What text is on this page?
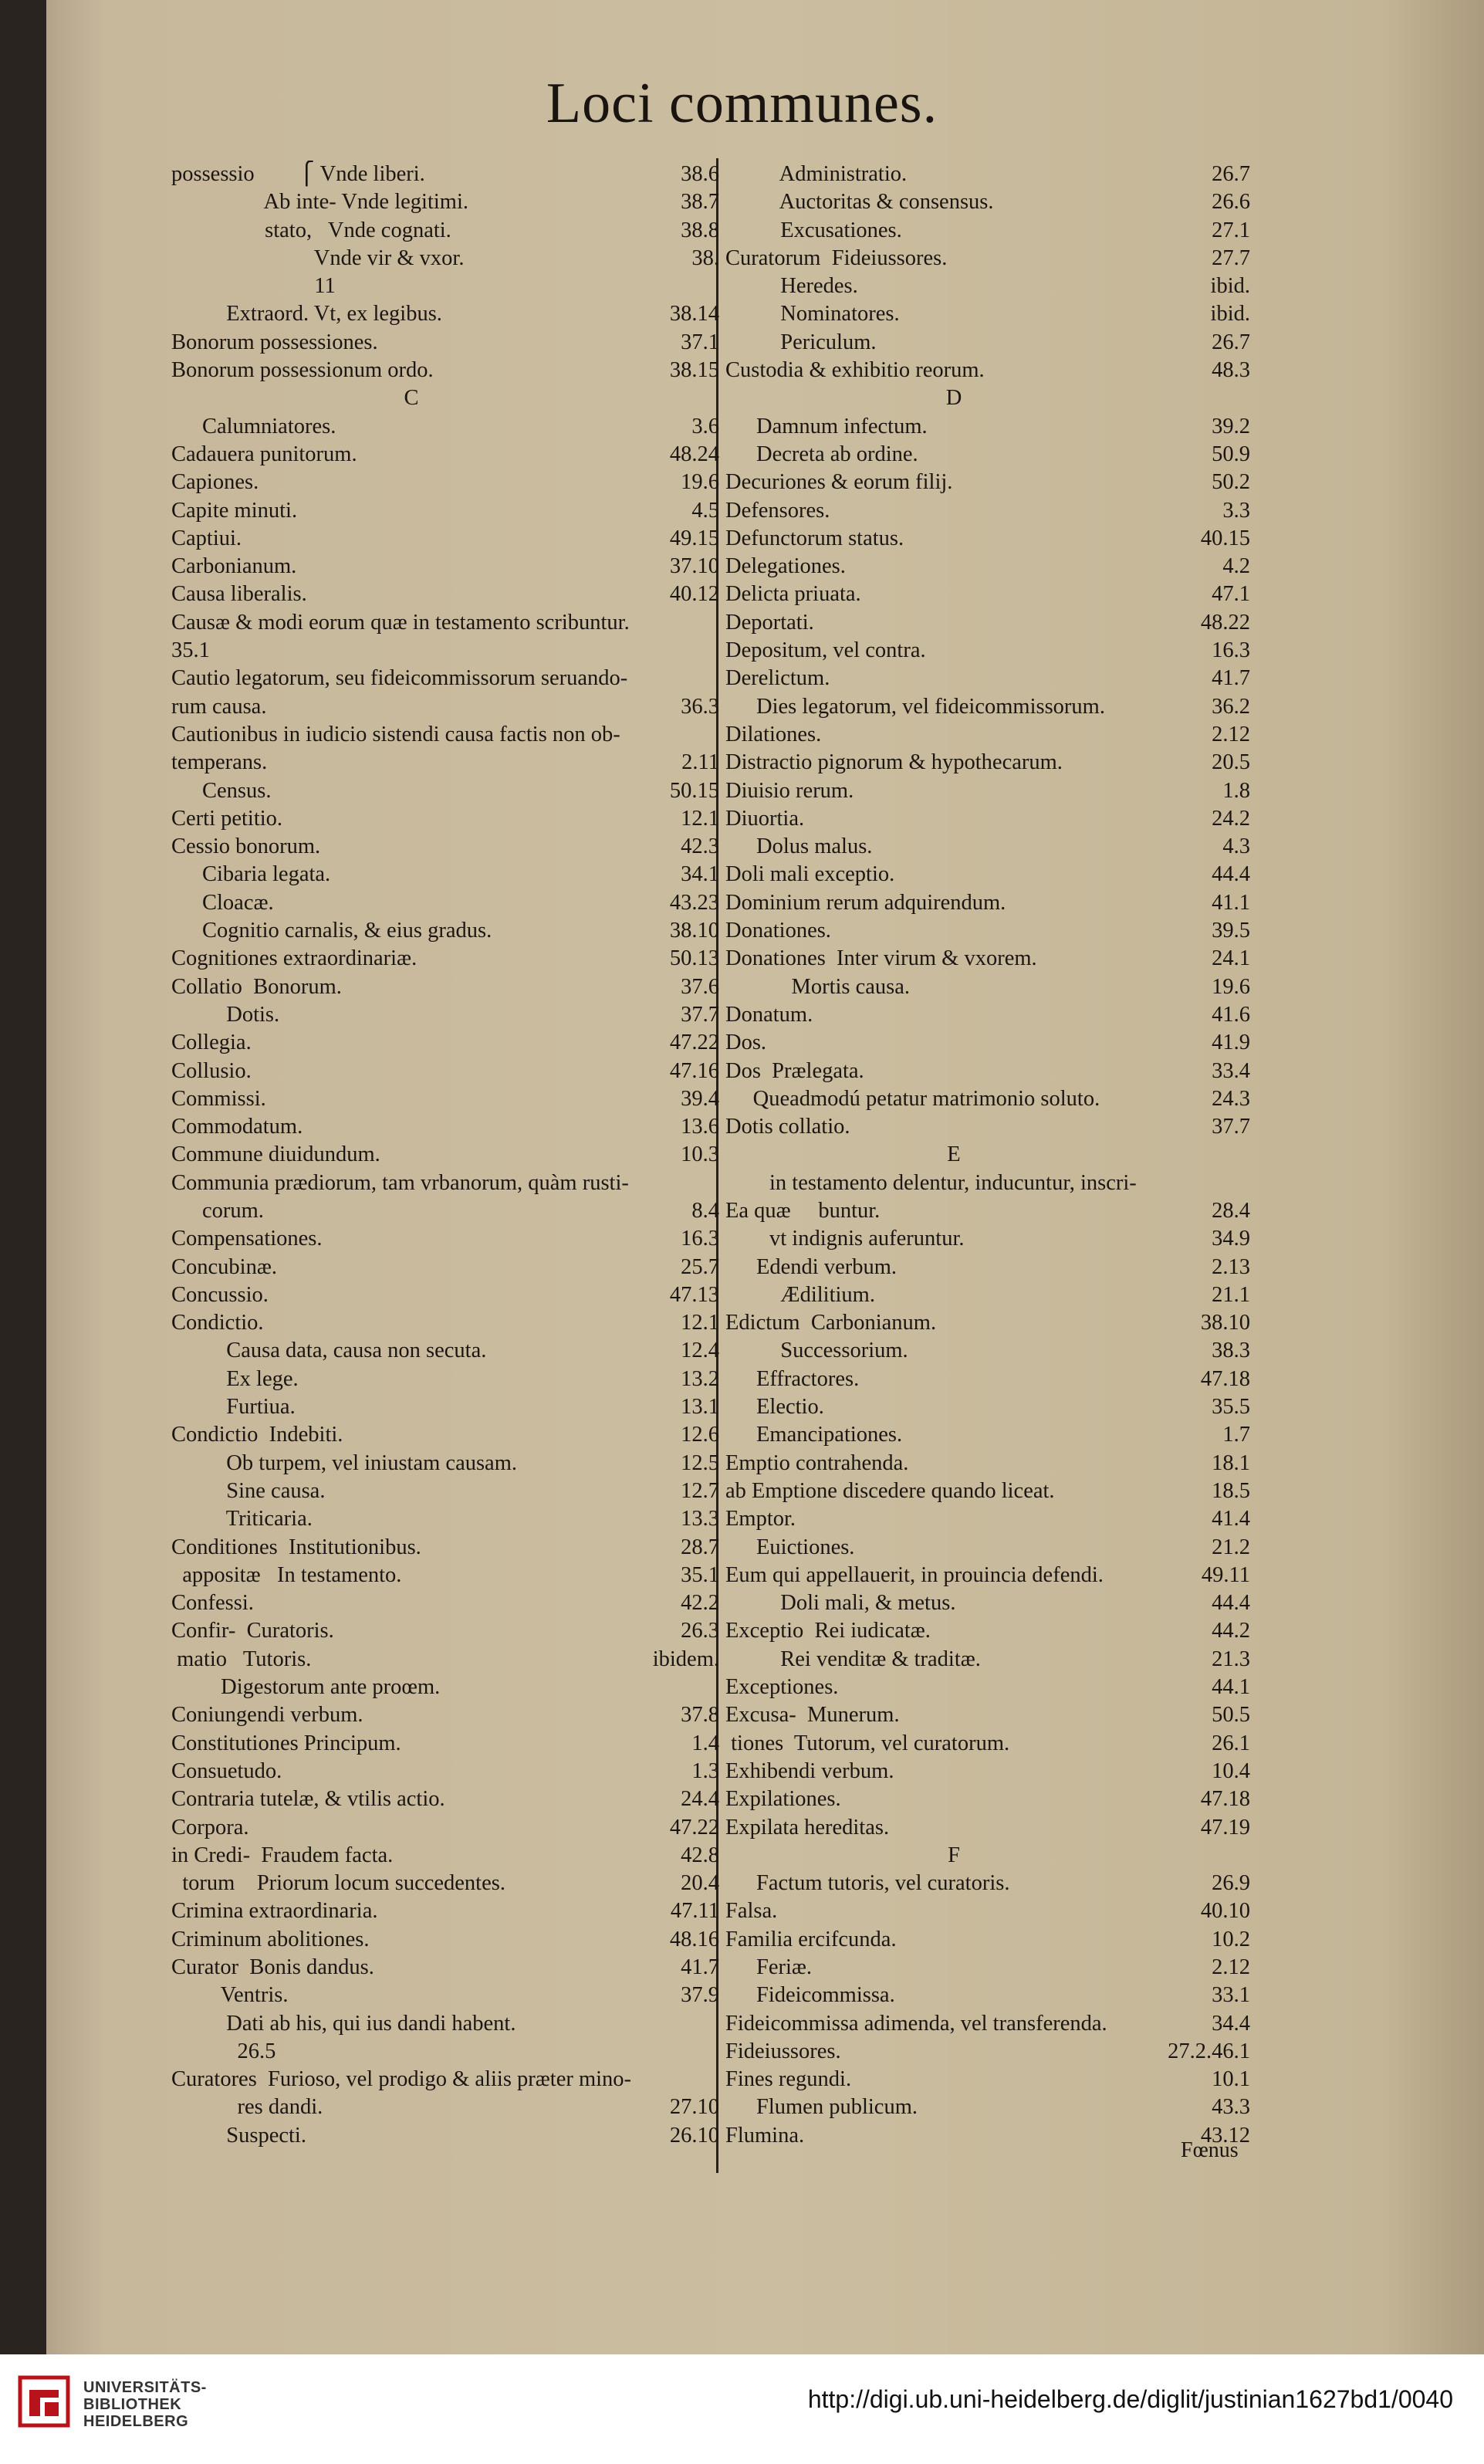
Loci communes.
possessio        ⎧ Vnde liberi.	38.6
Ab inte- Vnde legitimi.	38.7
stato,   Vnde cognati.	38.8
Vnde vir & vxor.	38.
11
Extraord. Vt, ex legibus.	38.14
Bonorum possessiones.	37.1
Bonorum possessionum ordo.	38.15
C
Calumniatores.	3.6
Cadauera punitorum.	48.24
Capiones.	19.6
Capite minuti.	4.5
Captiui.	49.15
Carbonianum.	37.10
Causa liberalis.	40.12
Causæ & modi eorum quæ in testamento scribuntur.
35.1
Cautio legatorum, seu fideicommissorum seruando-
rum causa.	36.3
Cautionibus in iudicio sistendi causa factis non ob-
temperans.	2.11
Census.	50.15
Certi petitio.	12.1
Cessio bonorum.	42.3
Cibaria legata.	34.1
Cloacæ.	43.23
Cognitio carnalis, & eius gradus.	38.10
Cognitiones extraordinariæ.	50.13
Collatio  Bonorum.	37.6
Dotis.	37.7
Collegia.	47.22
Collusio.	47.16
Commissi.	39.4
Commodatum.	13.6
Commune diuidundum.	10.3
Communia prædiorum, tam vrbanorum, quàm rusti-
corum.	8.4
Compensationes.	16.3
Concubinæ.	25.7
Concussio.	47.13
Condictio.	12.1
Causa data, causa non secuta.	12.4
Ex lege.	13.2
Furtiua.	13.1
Condictio  Indebiti.	12.6
Ob turpem, vel iniustam causam.	12.5
Sine causa.	12.7
Triticaria.	13.3
Conditiones  Institutionibus.	28.7
appositæ   In testamento.	35.1
Confessi.	42.2
Confir-  Curatoris.	26.3
matio   Tutoris.	ibidem.
Digestorum ante proœm.
Coniungendi verbum.	37.8
Constitutiones Principum.	1.4
Consuetudo.	1.3
Contraria tutelæ, & vtilis actio.	24.4
Corpora.	47.22
in Credi-  Fraudem facta.	42.8
torum    Priorum locum succedentes.	20.4
Crimina extraordinaria.	47.11
Criminum abolitiones.	48.16
Curator  Bonis dandus.	41.7
Ventris.	37.9
Dati ab his, qui ius dandi habent.
26.5
Curatores  Furioso, vel prodigo & aliis præter mino-
res dandi.	27.10
Suspecti.	26.10
Administratio.	26.7
Auctoritas & consensus.	26.6
Excusationes.	27.1
Curatorum  Fideiussores.	27.7
Heredes.	ibid.
Nominatores.	ibid.
Periculum.	26.7
Custodia & exhibitio reorum.	48.3
D
Damnum infectum.	39.2
Decreta ab ordine.	50.9
Decuriones & eorum filij.	50.2
Defensores.	3.3
Defunctorum status.	40.15
Delegationes.	4.2
Delicta priuata.	47.1
Deportati.	48.22
Depositum, vel contra.	16.3
Derelictum.	41.7
Dies legatorum, vel fideicommissorum.	36.2
Dilationes.	2.12
Distractio pignorum & hypothecarum.	20.5
Diuisio rerum.	1.8
Diuortia.	24.2
Dolus malus.	4.3
Doli mali exceptio.	44.4
Dominium rerum adquirendum.	41.1
Donationes.	39.5
Donationes  Inter virum & vxorem.	24.1
Mortis causa.	19.6
Donatum.	41.6
Dos.	41.9
Dos  Prælegata.	33.4
Queadmodú petatur matrimonio soluto.	24.3
Dotis collatio.	37.7
E
in testamento delentur, inducuntur, inscri-
Ea quæ     buntur.	28.4
vt indignis auferuntur.	34.9
Edendi verbum.	2.13
Ædilitium.	21.1
Edictum  Carbonianum.	38.10
Successorium.	38.3
Effractores.	47.18
Electio.	35.5
Emancipationes.	1.7
Emptio contrahenda.	18.1
ab Emptione discedere quando liceat.	18.5
Emptor.	41.4
Euictiones.	21.2
Eum qui appellauerit, in prouincia defendi.	49.11
Doli mali, & metus.	44.4
Exceptio  Rei iudicatæ.	44.2
Rei venditæ & traditæ.	21.3
Exceptiones.	44.1
Excusa-  Munerum.	50.5
tiones  Tutorum, vel curatorum.	26.1
Exhibendi verbum.	10.4
Expilationes.	47.18
Expilata hereditas.	47.19
F
Factum tutoris, vel curatoris.	26.9
Falsa.	40.10
Familia ercifcunda.	10.2
Feriæ.	2.12
Fideicommissa.	33.1
Fideicommissa adimenda, vel transferenda.	34.4
Fideiussores.	27.2.46.1
Fines regundi.	10.1
Flumen publicum.	43.3
Flumina.	43.12
Fœnus
UNIVERSITÄTS-
BIBLIOTHEK
HEIDELBERG
http://digi.ub.uni-heidelberg.de/diglit/justinian1627bd1/0040
